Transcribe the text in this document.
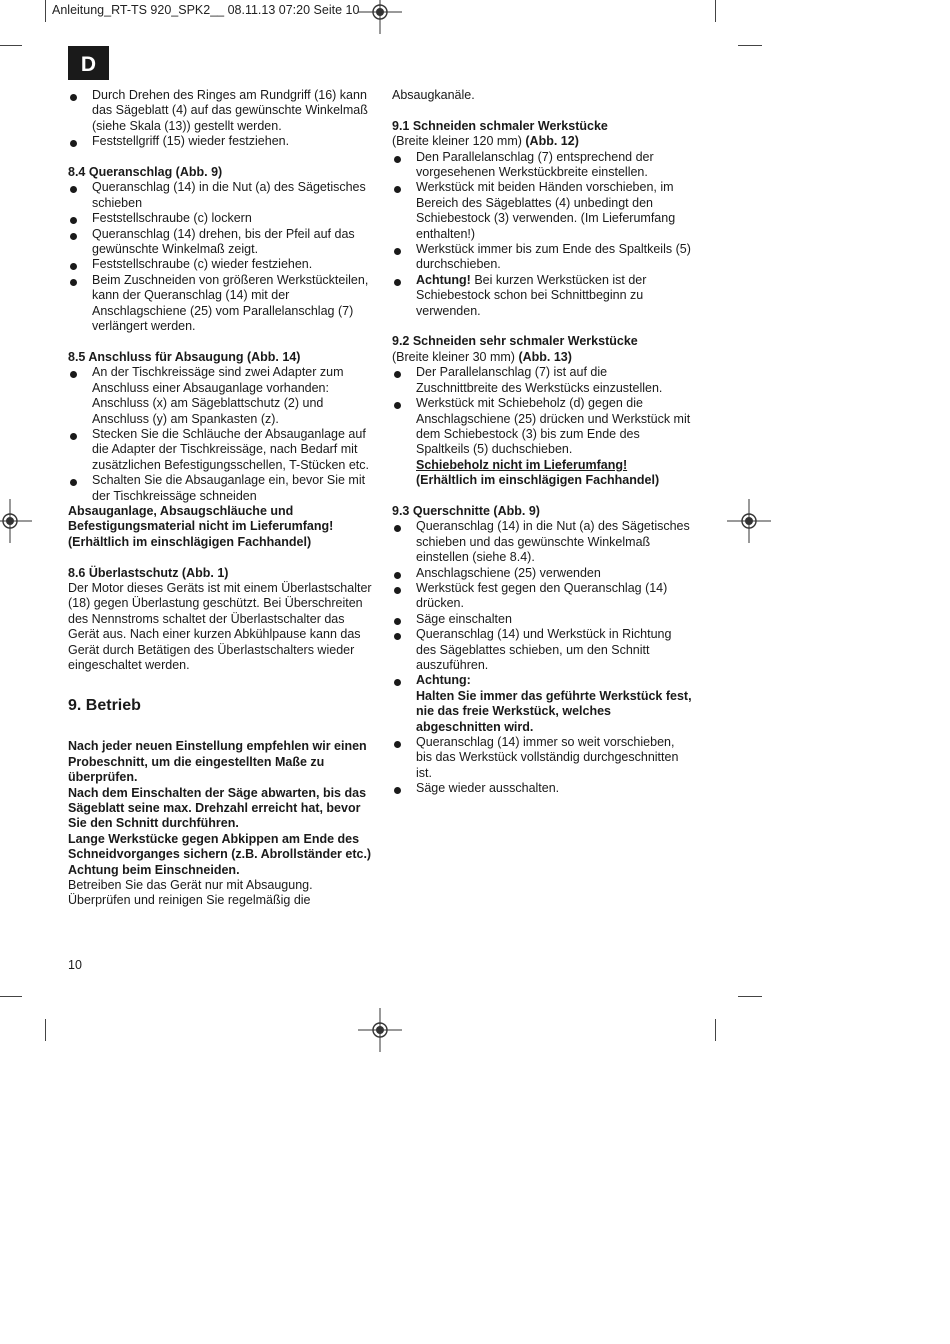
Anleitung_RT-TS 920_SPK2__ 08.11.13 07:20 Seite 10
D

Durch Drehen des Ringes am Rundgriff (16) kann das Sägeblatt (4) auf das gewünschte Winkelmaß (siehe Skala (13)) gestellt werden.

Feststellgriff (15) wieder festziehen.

8.4 Queranschlag (Abb. 9)

Queranschlag (14) in die Nut (a) des Sägetisches schieben

Feststellschraube (c) lockern

Queranschlag (14) drehen, bis der Pfeil auf das gewünschte Winkelmaß zeigt.

Feststellschraube (c) wieder festziehen.

Beim Zuschneiden von größeren Werkstückteilen, kann der Queranschlag (14) mit der Anschlagschiene (25) vom Parallelanschlag (7) verlängert werden.

8.5 Anschluss für Absaugung (Abb. 14)

An der Tischkreissäge sind zwei Adapter zum Anschluss einer Absauganlage vorhanden: Anschluss (x) am Sägeblattschutz (2) und Anschluss (y) am Spankasten (z).

Stecken Sie die Schläuche der Absauganlage auf die Adapter der Tischkreissäge, nach Bedarf mit zusätzlichen Befestigungsschellen, T-Stücken etc.

Schalten Sie die Absauganlage ein, bevor Sie mit der Tischkreissäge schneiden

Absauganlage, Absaugschläuche und Befestigungsmaterial nicht im Lieferumfang! (Erhältlich im einschlägigen Fachhandel)

8.6 Überlastschutz (Abb. 1)

Der Motor dieses Geräts ist mit einem Überlastschalter (18) gegen Überlastung geschützt. Bei Überschreiten des Nennstroms schaltet der Überlastschalter das Gerät aus. Nach einer kurzen Abkühlpause kann das Gerät durch Betätigen des Überlastschalters wieder eingeschaltet werden.

9. Betrieb

Nach jeder neuen Einstellung empfehlen wir einen Probeschnitt, um die eingestellten Maße zu überprüfen.

Nach dem Einschalten der Säge abwarten, bis das Sägeblatt seine max. Drehzahl erreicht hat, bevor Sie den Schnitt durchführen.

Lange Werkstücke gegen Abkippen am Ende des Schneidvorganges sichern (z.B. Abrollständer etc.)

Achtung beim Einschneiden.

Betreiben Sie das Gerät nur mit Absaugung. Überprüfen und reinigen Sie regelmäßig die

Absaugkanäle.

9.1 Schneiden schmaler Werkstücke

(Breite kleiner 120 mm) (Abb. 12)

Den Parallelanschlag (7) entsprechend der vorgesehenen Werkstückbreite einstellen.

Werkstück mit beiden Händen vorschieben, im Bereich des Sägeblattes (4) unbedingt den Schiebestock (3) verwenden. (Im Lieferumfang enthalten!)

Werkstück immer bis zum Ende des Spaltkeils (5) durchschieben.

Achtung! Bei kurzen Werkstücken ist der Schiebestock schon bei Schnittbeginn zu verwenden.

9.2 Schneiden sehr schmaler Werkstücke

(Breite kleiner 30 mm) (Abb. 13)

Der Parallelanschlag (7) ist auf die Zuschnittbreite des Werkstücks einzustellen.

Werkstück mit Schiebeholz (d) gegen die Anschlagschiene (25) drücken und Werkstück mit dem Schiebestock (3) bis zum Ende des Spaltkeils (5) duchschieben.

Schiebeholz nicht im Lieferumfang!

(Erhältlich im einschlägigen Fachhandel)

9.3 Querschnitte (Abb. 9)

Queranschlag (14) in die Nut (a) des Sägetisches schieben und das gewünschte Winkelmaß einstellen (siehe 8.4).

Anschlagschiene (25) verwenden

Werkstück fest gegen den Queranschlag (14) drücken.

Säge einschalten

Queranschlag (14) und Werkstück in Richtung des Sägeblattes schieben, um den Schnitt auszuführen.

Achtung:

Halten Sie immer das geführte Werkstück fest, nie das freie Werkstück, welches abgeschnitten wird.

Queranschlag (14) immer so weit vorschieben, bis das Werkstück vollständig durchgeschnitten ist.

Säge wieder ausschalten.

10
